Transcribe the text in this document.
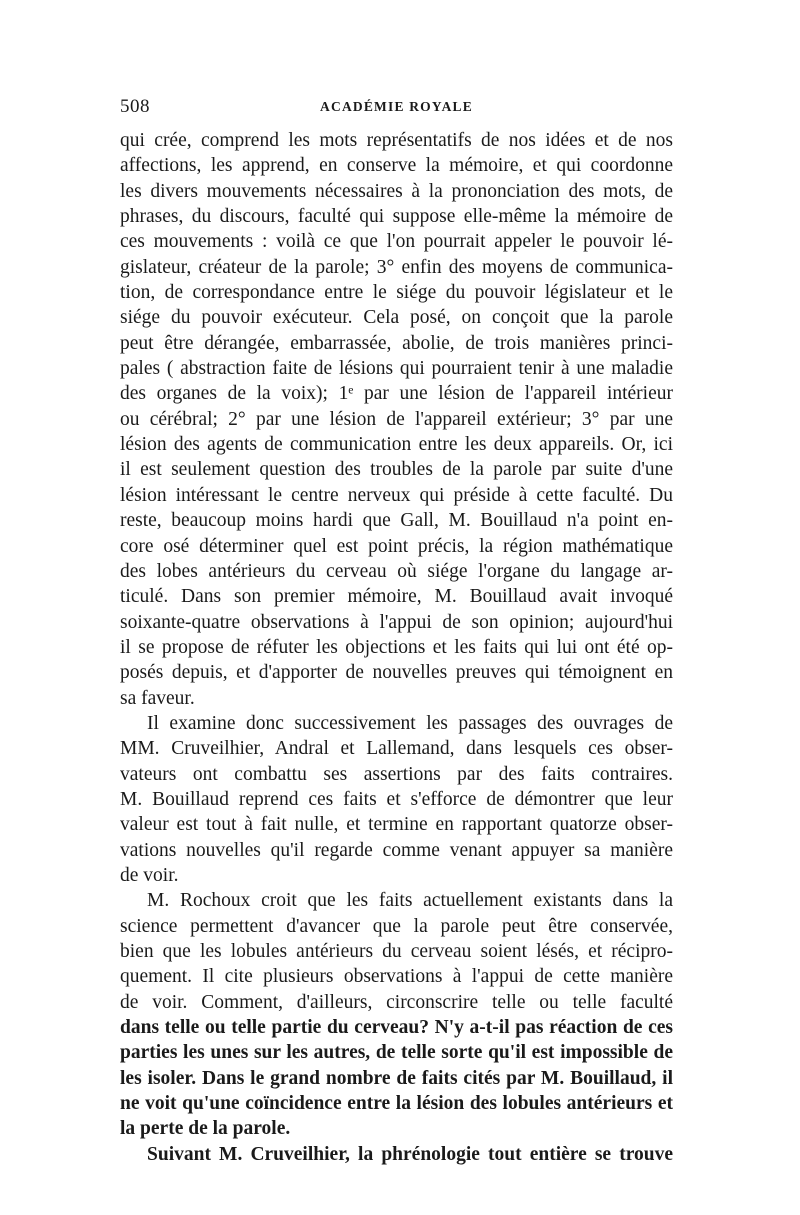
508	ACADÉMIE ROYALE
qui crée, comprend les mots représentatifs de nos idées et de nos
affections, les apprend, en conserve la mémoire, et qui coordonne
les divers mouvements nécessaires à la prononciation des mots, de
phrases, du discours, faculté qui suppose elle-même la mémoire de
ces mouvements : voilà ce que l'on pourrait appeler le pouvoir lé-
gislateur, créateur de la parole; 3° enfin des moyens de communica-
tion, de correspondance entre le siége du pouvoir législateur et le
siége du pouvoir exécuteur. Cela posé, on conçoit que la parole
peut être dérangée, embarrassée, abolie, de trois manières princi-
pales ( abstraction faite de lésions qui pourraient tenir à une maladie
des organes de la voix); 1ᵉ par une lésion de l'appareil intérieur
ou cérébral; 2° par une lésion de l'appareil extérieur; 3° par une
lésion des agents de communication entre les deux appareils. Or, ici
il est seulement question des troubles de la parole par suite d'une
lésion intéressant le centre nerveux qui préside à cette faculté. Du
reste, beaucoup moins hardi que Gall, M. Bouillaud n'a point en-
core osé déterminer quel est point précis, la région mathématique
des lobes antérieurs du cerveau où siége l'organe du langage ar-
ticulé. Dans son premier mémoire, M. Bouillaud avait invoqué
soixante-quatre observations à l'appui de son opinion; aujourd'hui
il se propose de réfuter les objections et les faits qui lui ont été op-
posés depuis, et d'apporter de nouvelles preuves qui témoignent en
sa faveur.
Il examine donc successivement les passages des ouvrages de
MM. Cruveilhier, Andral et Lallemand, dans lesquels ces obser-
vateurs ont combattu ses assertions par des faits contraires.
M. Bouillaud reprend ces faits et s'efforce de démontrer que leur
valeur est tout à fait nulle, et termine en rapportant quatorze obser-
vations nouvelles qu'il regarde comme venant appuyer sa manière
de voir.
M. Rochoux croit que les faits actuellement existants dans la
science permettent d'avancer que la parole peut être conservée,
bien que les lobules antérieurs du cerveau soient lésés, et récipro-
quement. Il cite plusieurs observations à l'appui de cette manière
de voir. Comment, d'ailleurs, circonscrire telle ou telle faculté
dans telle ou telle partie du cerveau? N'y a-t-il pas réaction de ces
parties les unes sur les autres, de telle sorte qu'il est impossible de
les isoler. Dans le grand nombre de faits cités par M. Bouillaud, il
ne voit qu'une coïncidence entre la lésion des lobules antérieurs et
la perte de la parole.
Suivant M. Cruveilhier, la phrénologie tout entière se trouve
